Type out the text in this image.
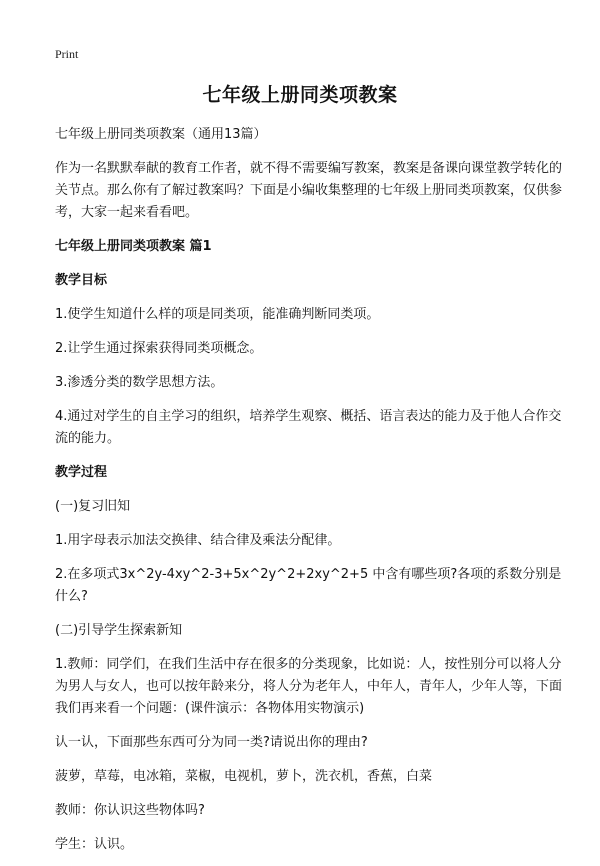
Print
七年级上册同类项教案

七年级上册同类项教案（通用13篇）

作为一名默默奉献的教育工作者，就不得不需要编写教案，教案是备课向课堂教学转化的关节点。那么你有了解过教案吗？下面是小编收集整理的七年级上册同类项教案，仅供参考，大家一起来看看吧。

七年级上册同类项教案 篇1

教学目标

1.使学生知道什么样的项是同类项，能准确判断同类项。

2.让学生通过探索获得同类项概念。

3.渗透分类的数学思想方法。

4.通过对学生的自主学习的组织，培养学生观察、概括、语言表达的能力及于他人合作交流的能力。

教学过程

(一)复习旧知

1.用字母表示加法交换律、结合律及乘法分配律。

2.在多项式3x^2y-4xy^2-3+5x^2y^2+2xy^2+5 中含有哪些项?各项的系数分别是什么?

(二)引导学生探索新知

1.教师：同学们，在我们生活中存在很多的分类现象，比如说：人，按性别分可以将人分为男人与女人，也可以按年龄来分，将人分为老年人，中年人，青年人，少年人等，下面我们再来看一个问题：(课件演示：各物体用实物演示)

认一认，下面那些东西可分为同一类?请说出你的理由?

菠萝，草莓，电冰箱，菜椒，电视机，萝卜，洗衣机，香蕉，白菜

教师：你认识这些物体吗?

学生：认识。
